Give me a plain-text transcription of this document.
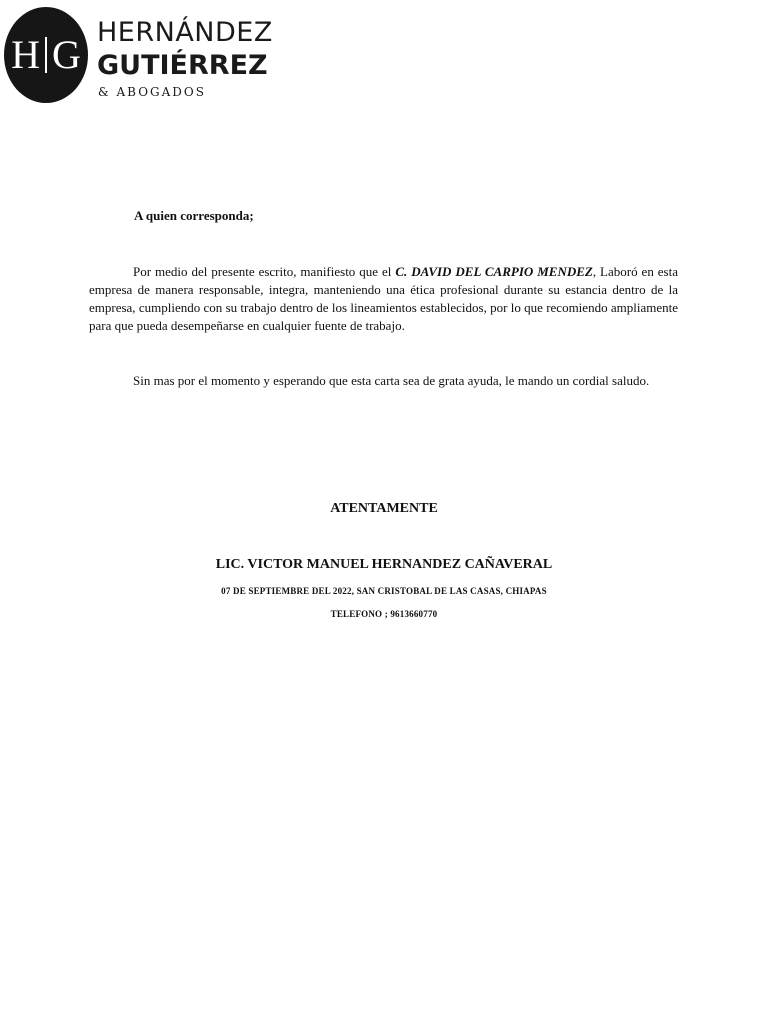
H G HERNÁNDEZ
GUTIÉRREZ
& ABOGADOS
A quien corresponda;
Por medio del presente escrito, manifiesto que el C. DAVID DEL CARPIO MENDEZ, Laboró en esta empresa de manera responsable, integra, manteniendo una ética profesional durante su estancia dentro de la empresa, cumpliendo con su trabajo dentro de los lineamientos establecidos, por lo que recomiendo ampliamente para que pueda desempeñarse en cualquier fuente de trabajo.
Sin mas por el momento y esperando que esta carta sea de grata ayuda, le mando un cordial saludo.
ATENTAMENTE
LIC. VICTOR MANUEL HERNANDEZ CAÑAVERAL
07 DE SEPTIEMBRE DEL 2022, SAN CRISTOBAL DE LAS CASAS, CHIAPAS
TELEFONO ; 9613660770
